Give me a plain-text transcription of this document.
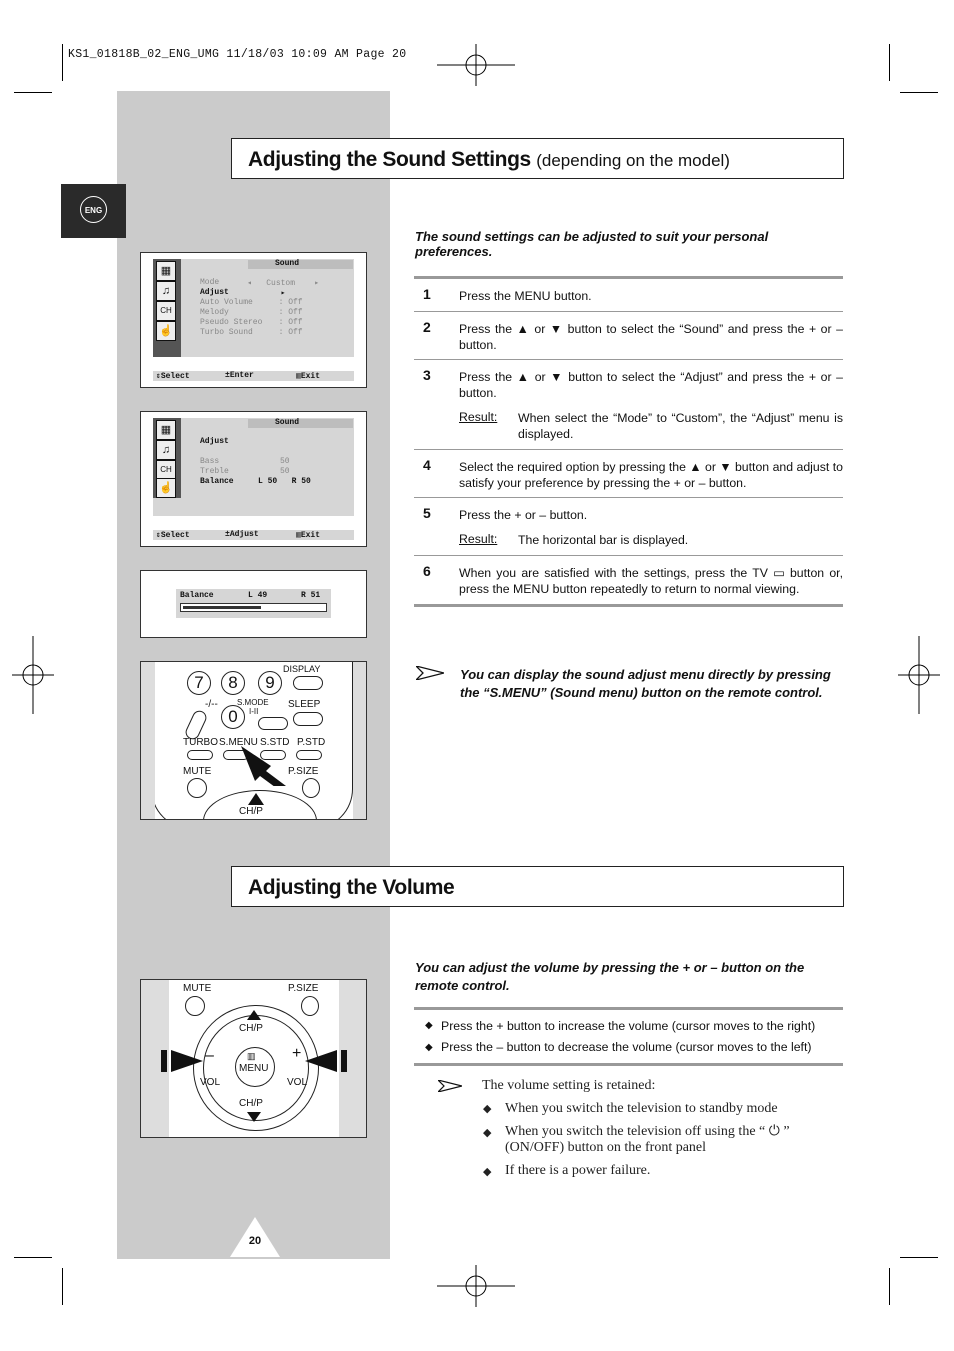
KS1_01818B_02_ENG_UMG 11/18/03 10:09 AM Page 20
ENG
Adjusting the Sound Settings (depending on the model)
The sound settings can be adjusted to suit your personal preferences.
▦
♫
CH
☝
Sound
Mode	◂   Custom    ▸
Adjust ▸
Auto Volume : Off
Melody	: Off
Pseudo Stereo : Off
Turbo Sound : Off
⇕Select	±Enter	▥Exit
▦
♫
CH
☝
Sound
Adjust
Bass	50
Treble	50
Balance	L 50   R 50
⇕Select	±Adjust	▥Exit
Balance	L 49	R 51
7	8	9
0
DISPLAY
-/-- S.MODE
I-II
SLEEP
TURBO S.MENU S.STD P.STD
MUTE	P.SIZE
CH/P
1 Press the MENU button.
2 Press the ▲ or ▼ button to select the “Sound” and press the + or – button.
3 Press the ▲ or ▼ button to select the “Adjust” and press the + or – button.
Result: When select the “Mode” to “Custom”, the “Adjust” menu is displayed.
4 Select the required option by pressing the ▲ or ▼ button and adjust to satisfy your preference by pressing the + or – button.
5 Press the + or – button.
Result: The horizontal bar is displayed.
6 When you are satisfied with the settings, press the TV ▭ button or, press the MENU button repeatedly to return to normal viewing.
You can display the sound adjust menu directly by pressing the “S.MENU” (Sound menu) button on the remote control.
Adjusting the Volume
You can adjust the volume by pressing the + or – button on the remote control.
◆ Press the + button to increase the volume (cursor moves to the right)
◆ Press the – button to decrease the volume (cursor moves to the left)
The volume setting is retained:
◆ When you switch the television to standby mode
◆ When you switch the television off using the “ ⏻ ” (ON/OFF) button on the front panel
◆ If there is a power failure.
MUTE	P.SIZE
CH/P
–	+
VOL	VOL
▥
MENU
CH/P
20
